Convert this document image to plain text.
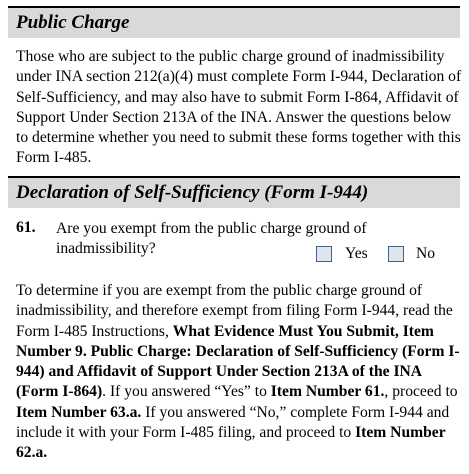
Public Charge

Those who are subject to the public charge ground of inadmissibility under INA section 212(a)(4) must complete Form I-944, Declaration of Self-Sufficiency, and may also have to submit Form I-864, Affidavit of Support Under Section 213A of the INA. Answer the questions below to determine whether you need to submit these forms together with this Form I-485.

Declaration of Self-Sufficiency (Form I-944)
61. Are you exempt from the public charge ground of inadmissibility?	Yes	No

To determine if you are exempt from the public charge ground of inadmissibility, and therefore exempt from filing Form I-944, read the Form I-485 Instructions, What Evidence Must You Submit, Item Number 9. Public Charge: Declaration of Self-Sufficiency (Form I-944) and Affidavit of Support Under Section 213A of the INA (Form I-864). If you answered “Yes” to Item Number 61., proceed to Item Number 63.a. If you answered “No,” complete Form I-944 and include it with your Form I-485 filing, and proceed to Item Number 62.a.
